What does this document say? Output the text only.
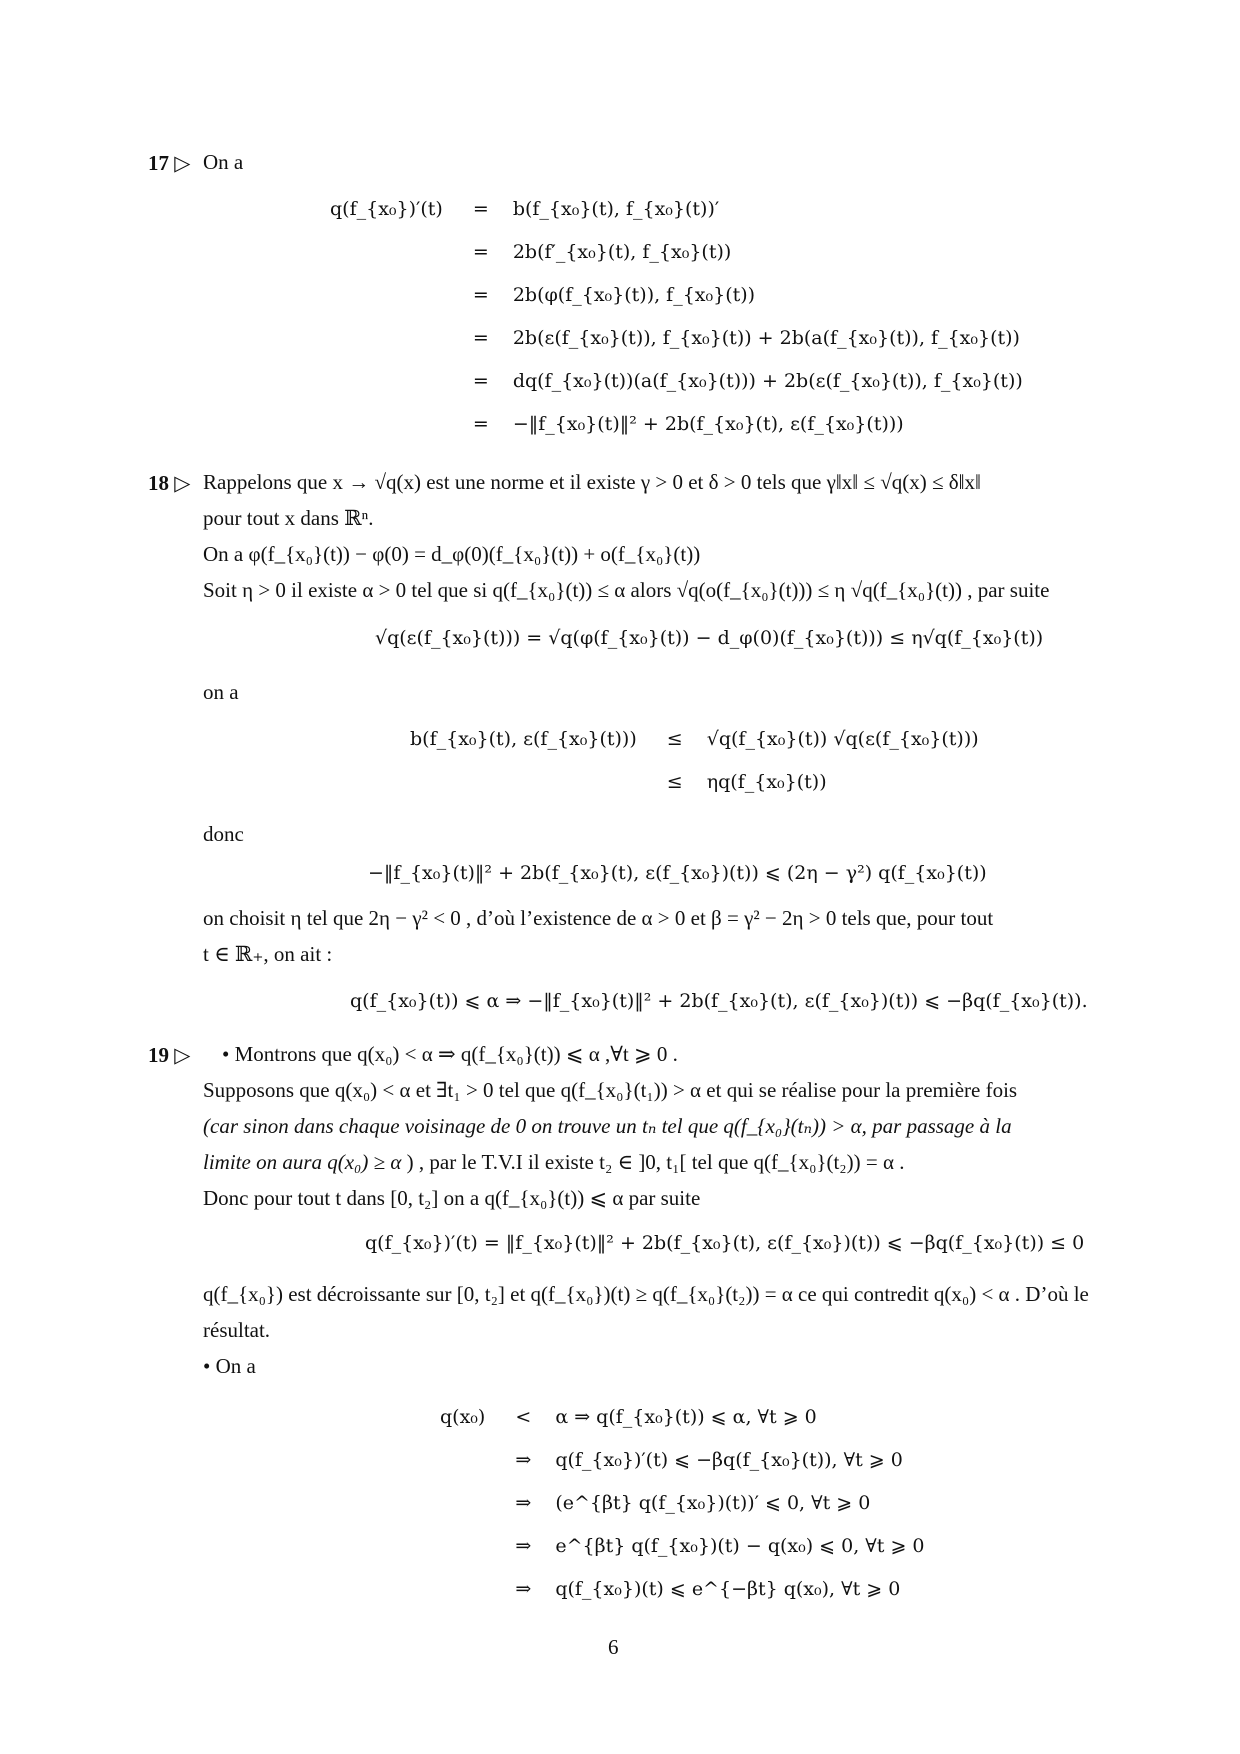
17 ▷ On a
q(f_{x₀})′(t)	=	b(f_{x₀}(t), f_{x₀}(t))′
	=	2b(f′_{x₀}(t), f_{x₀}(t))
	=	2b(φ(f_{x₀}(t)), f_{x₀}(t))
	=	2b(ε(f_{x₀}(t)), f_{x₀}(t)) + 2b(a(f_{x₀}(t)), f_{x₀}(t))
	=	dq(f_{x₀}(t))(a(f_{x₀}(t))) + 2b(ε(f_{x₀}(t)), f_{x₀}(t))
	=	−‖f_{x₀}(t)‖² + 2b(f_{x₀}(t), ε(f_{x₀}(t)))
18 ▷ Rappelons que x → √q(x) est une norme et il existe γ > 0 et δ > 0 tels que γ‖x‖ ≤ √q(x) ≤ δ‖x‖
pour tout x dans ℝⁿ.
On a φ(f_{x₀}(t)) − φ(0) = d_φ(0)(f_{x₀}(t)) + o(f_{x₀}(t))
Soit η > 0 il existe α > 0 tel que si q(f_{x₀}(t)) ≤ α alors √q(o(f_{x₀}(t))) ≤ η √q(f_{x₀}(t)) , par suite
√q(ε(f_{x₀}(t))) = √q(φ(f_{x₀}(t)) − d_φ(0)(f_{x₀}(t))) ≤ η√q(f_{x₀}(t))
on a
b(f_{x₀}(t), ε(f_{x₀}(t)))	≤	√q(f_{x₀}(t)) √q(ε(f_{x₀}(t)))
	≤	ηq(f_{x₀}(t))
donc
−‖f_{x₀}(t)‖² + 2b(f_{x₀}(t), ε(f_{x₀})(t)) ⩽ (2η − γ²) q(f_{x₀}(t))
on choisit η tel que 2η − γ² < 0 , d’où l’existence de α > 0 et β = γ² − 2η > 0 tels que, pour tout
t ∈ ℝ₊, on ait :
q(f_{x₀}(t)) ⩽ α ⇒ −‖f_{x₀}(t)‖² + 2b(f_{x₀}(t), ε(f_{x₀})(t)) ⩽ −βq(f_{x₀}(t)).
19 ▷ • Montrons que q(x₀) < α ⇒ q(f_{x₀}(t)) ⩽ α ,∀t ⩾ 0 .
Supposons que q(x₀) < α et ∃t₁ > 0 tel que q(f_{x₀}(t₁)) > α et qui se réalise pour la première fois
(car sinon dans chaque voisinage de 0 on trouve un tₙ tel que q(f_{x₀}(tₙ)) > α, par passage à la
limite on aura q(x₀) ≥ α ) , par le T.V.I il existe t₂ ∈ ]0, t₁[ tel que q(f_{x₀}(t₂)) = α .
Donc pour tout t dans [0, t₂] on a q(f_{x₀}(t)) ⩽ α par suite
q(f_{x₀})′(t) = ‖f_{x₀}(t)‖² + 2b(f_{x₀}(t), ε(f_{x₀})(t)) ⩽ −βq(f_{x₀}(t)) ≤ 0
q(f_{x₀}) est décroissante sur [0, t₂] et q(f_{x₀})(t) ≥ q(f_{x₀}(t₂)) = α ce qui contredit q(x₀) < α . D’où le
résultat.
• On a
q(x₀)	<	α ⇒ q(f_{x₀}(t)) ⩽ α, ∀t ⩾ 0
	⇒	q(f_{x₀})′(t) ⩽ −βq(f_{x₀}(t)), ∀t ⩾ 0
	⇒	(e^{βt} q(f_{x₀})(t))′ ⩽ 0, ∀t ⩾ 0
	⇒	e^{βt} q(f_{x₀})(t) − q(x₀) ⩽ 0, ∀t ⩾ 0
	⇒	q(f_{x₀})(t) ⩽ e^{−βt} q(x₀), ∀t ⩾ 0
6
